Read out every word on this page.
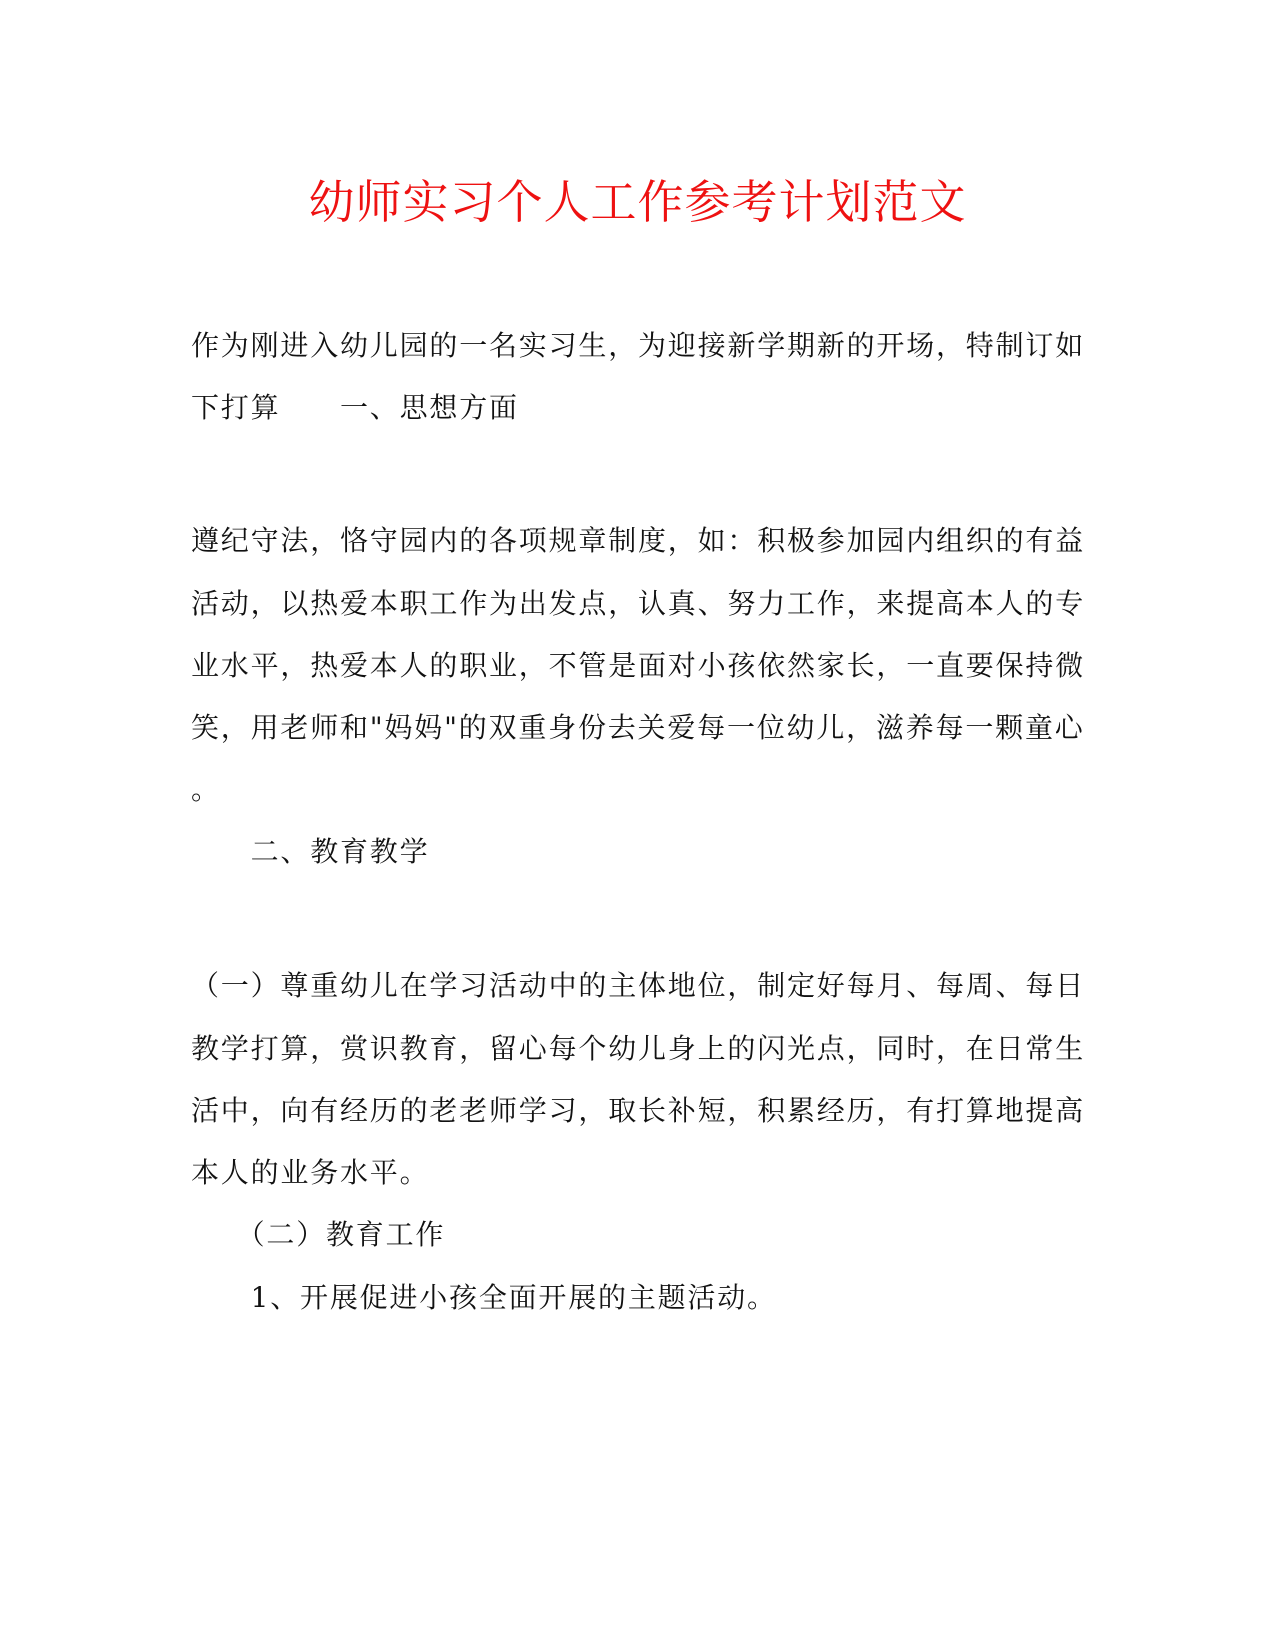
幼师实习个人工作参考计划范文
作为刚进入幼儿园的一名实习生，为迎接新学期新的开场，特制订如
下打算　　一、思想方面
遵纪守法，恪守园内的各项规章制度，如：积极参加园内组织的有益
活动，以热爱本职工作为出发点，认真、努力工作，来提高本人的专
业水平，热爱本人的职业，不管是面对小孩依然家长，一直要保持微
笑，用老师和"妈妈"的双重身份去关爱每一位幼儿，滋养每一颗童心
。
　　二、教育教学
（一）尊重幼儿在学习活动中的主体地位，制定好每月、每周、每日
教学打算，赏识教育，留心每个幼儿身上的闪光点，同时，在日常生
活中，向有经历的老老师学习，取长补短，积累经历，有打算地提高
本人的业务水平。
　　（二）教育工作
　　1、开展促进小孩全面开展的主题活动。
